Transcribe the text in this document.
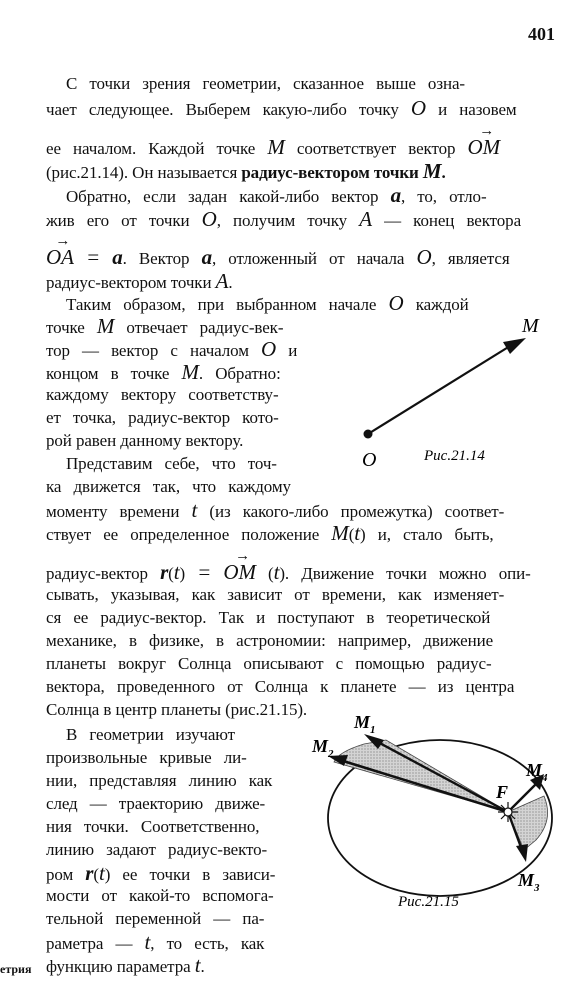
401
С точки зрения геометрии, сказанное выше озна-
чает следующее. Выберем какую-либо точку O и назовем
ее началом. Каждой точке M соответствует вектор → OM
(рис.21.14). Он называется радиус-вектором точки M.
Обратно, если задан какой-либо вектор a, то, отло-
жив его от точки O, получим точку A — конец вектора
→ OA = a. Вектор a, отложенный от начала O, является
радиус-вектором точки A.
Таким образом, при выбранном начале O каждой
точке M отвечает радиус-век-
тор — вектор с началом O и
концом в точке M. Обратно:
каждому вектору соответству-
ет точка, радиус-вектор кото-
рой равен данному вектору.
Представим себе, что точ-
ка движется так, что каждому
моменту времени t (из какого-либо промежутка) соответ-
ствует ее определенное положение M(t) и, стало быть,
радиус-вектор r(t) = → OM (t). Движение точки можно опи-
сывать, указывая, как зависит от времени, как изменяет-
ся ее радиус-вектор. Так и поступают в теоретической
механике, в физике, в астрономии: например, движение
планеты вокруг Солнца описывают с помощью радиус-
вектора, проведенного от Солнца к планете — из центра
Солнца в центр планеты (рис.21.15).
В геометрии изучают
произвольные кривые ли-
нии, представляя линию как
след — траекторию движе-
ния точки. Соответственно,
линию задают радиус-векто-
ром r(t) ее точки в зависи-
мости от какой-то вспомога-
тельной переменной — па-
раметра — t, то есть, как
функцию параметра t.
O
M
Рис.21.14
$M_1$
$M_2$
$M_4$
F
$M_3$
Рис.21.15
етрия
